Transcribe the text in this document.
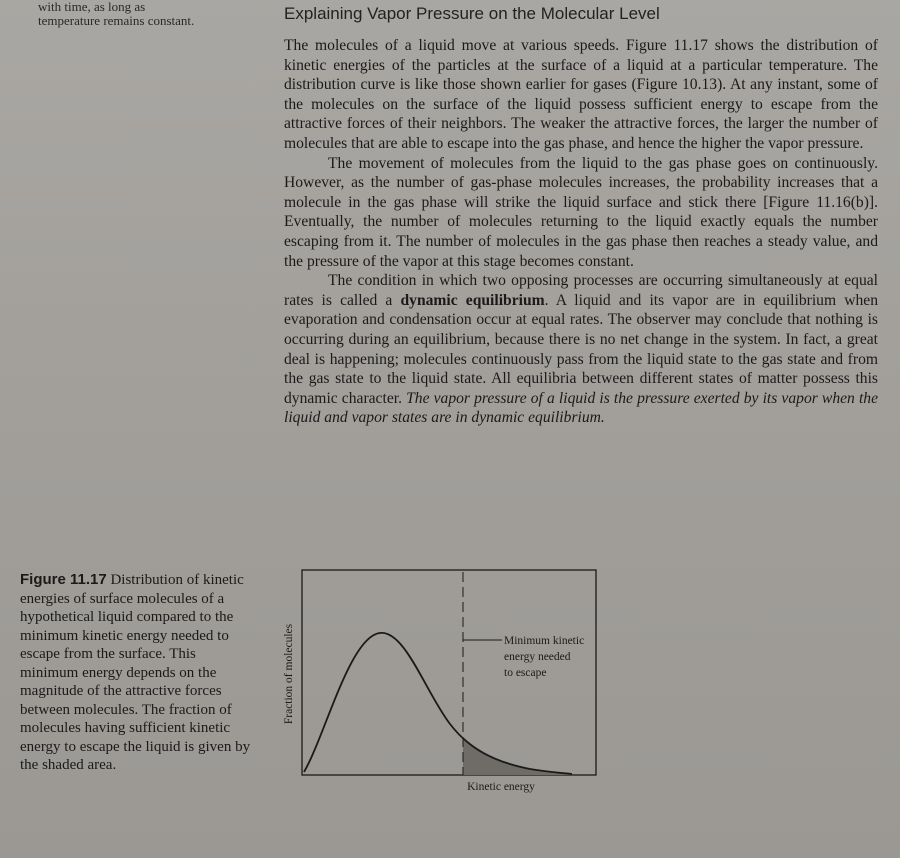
with time, as long as
temperature remains constant.	Explaining Vapor Pressure on the Molecular Level

The molecules of a liquid move at various speeds. Figure 11.17 shows the distribution of kinetic energies of the particles at the surface of a liquid at a particular temperature. The distribution curve is like those shown earlier for gases (Figure 10.13). At any instant, some of the molecules on the surface of the liquid possess sufficient energy to escape from the attractive forces of their neighbors. The weaker the attractive forces, the larger the number of molecules that are able to escape into the gas phase, and hence the higher the vapor pressure.

The movement of molecules from the liquid to the gas phase goes on continuously. However, as the number of gas-phase molecules increases, the probability increases that a molecule in the gas phase will strike the liquid surface and stick there [Figure 11.16(b)]. Eventually, the number of molecules returning to the liquid exactly equals the number escaping from it. The number of molecules in the gas phase then reaches a steady value, and the pressure of the vapor at this stage becomes constant.

The condition in which two opposing processes are occurring simultaneously at equal rates is called a dynamic equilibrium. A liquid and its vapor are in equilibrium when evaporation and condensation occur at equal rates. The observer may conclude that nothing is occurring during an equilibrium, because there is no net change in the system. In fact, a great deal is happening; molecules continuously pass from the liquid state to the gas state and from the gas state to the liquid state. All equilibria between different states of matter possess this dynamic character. The vapor pressure of a liquid is the pressure exerted by its vapor when the liquid and vapor states are in dynamic equilibrium.

Figure 11.17 Distribution of kinetic energies of surface molecules of a hypothetical liquid compared to the minimum kinetic energy needed to escape from the surface. This minimum energy depends on the magnitude of the attractive forces between molecules. The fraction of molecules having sufficient kinetic energy to escape the liquid is given by the shaded area.
Minimum kinetic
energy needed
to escape
Fraction of molecules
Kinetic energy
